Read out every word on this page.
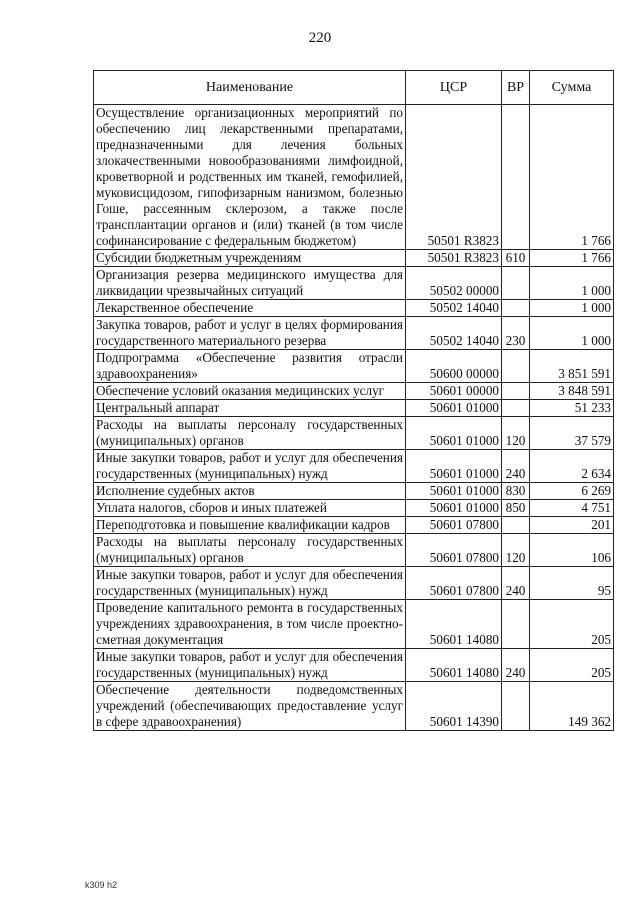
220
Наименование	ЦСР	ВР	Сумма
Осуществление организационных мероприятий по обеспечению лиц лекарственными препаратами, предназначенными для лечения больных злокачественными новообразованиями лимфоидной, кроветворной и родственных им тканей, гемофилией, муковисцидозом, гипофизарным нанизмом, болезнью Гоше, рассеянным склерозом, а также после трансплантации органов и (или) тканей (в том числе софинансирование с федеральным бюджетом)	50501 R3823		1 766
Субсидии бюджетным учреждениям	50501 R3823	610	1 766
Организация резерва медицинского имущества для ликвидации чрезвычайных ситуаций	50502 00000		1 000
Лекарственное обеспечение	50502 14040		1 000
Закупка товаров, работ и услуг в целях формирования государственного материального резерва	50502 14040	230	1 000
Подпрограмма «Обеспечение развития отрасли здравоохранения»	50600 00000		3 851 591
Обеспечение условий оказания медицинских услуг	50601 00000		3 848 591
Центральный аппарат	50601 01000		51 233
Расходы на выплаты персоналу государственных (муниципальных) органов	50601 01000	120	37 579
Иные закупки товаров, работ и услуг для обеспечения государственных (муниципальных) нужд	50601 01000	240	2 634
Исполнение судебных актов	50601 01000	830	6 269
Уплата налогов, сборов и иных платежей	50601 01000	850	4 751
Переподготовка и повышение квалификации кадров	50601 07800		201
Расходы на выплаты персоналу государственных (муниципальных) органов	50601 07800	120	106
Иные закупки товаров, работ и услуг для обеспечения государственных (муниципальных) нужд	50601 07800	240	95
Проведение капитального ремонта в государственных учреждениях здравоохранения, в том числе проектно-сметная документация	50601 14080		205
Иные закупки товаров, работ и услуг для обеспечения государственных (муниципальных) нужд	50601 14080	240	205
Обеспечение деятельности подведомственных учреждений (обеспечивающих предоставление услуг в сфере здравоохранения)	50601 14390		149 362
k309 h2
